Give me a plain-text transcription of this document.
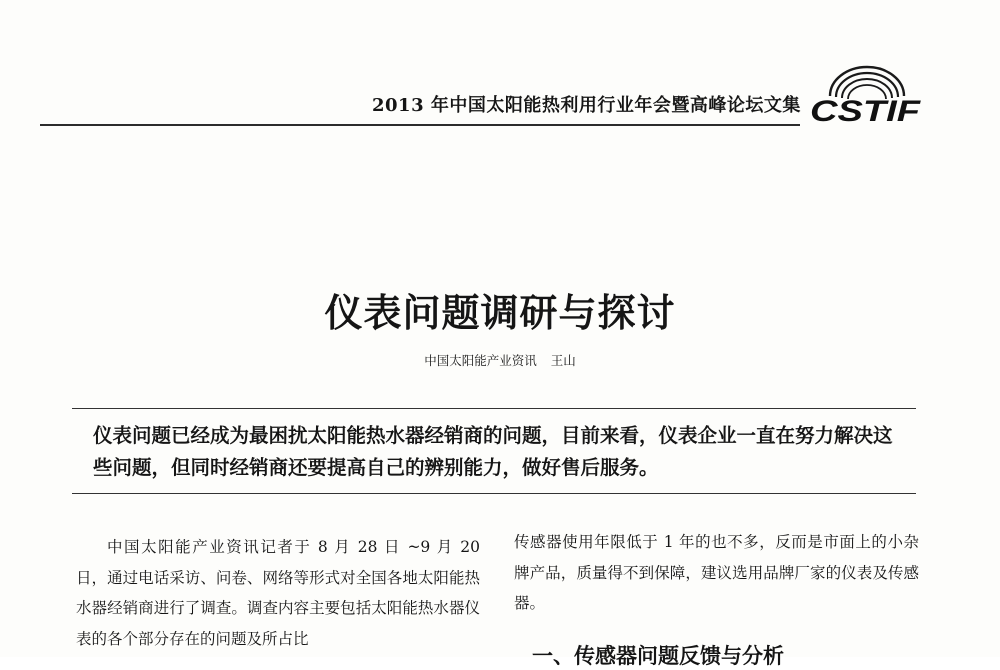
2013 年中国太阳能热利用行业年会暨高峰论坛文集 CSTIF
仪表问题调研与探讨
中国太阳能产业资讯 王山
仪表问题已经成为最困扰太阳能热水器经销商的问题，目前来看，仪表企业一直在努力解决这些问题，但同时经销商还要提高自己的辨别能力，做好售后服务。

中国太阳能产业资讯记者于 8 月 28 日 ~9 月 20 日，通过电话采访、问卷、网络等形式对全国各地太阳能热水器经销商进行了调查。调查内容主要包括太阳能热水器仪表的各个部分存在的问题及所占比

传感器使用年限低于 1 年的也不多，反而是市面上的小杂牌产品，质量得不到保障，建议选用品牌厂家的仪表及传感器。

一、传感器问题反馈与分析
